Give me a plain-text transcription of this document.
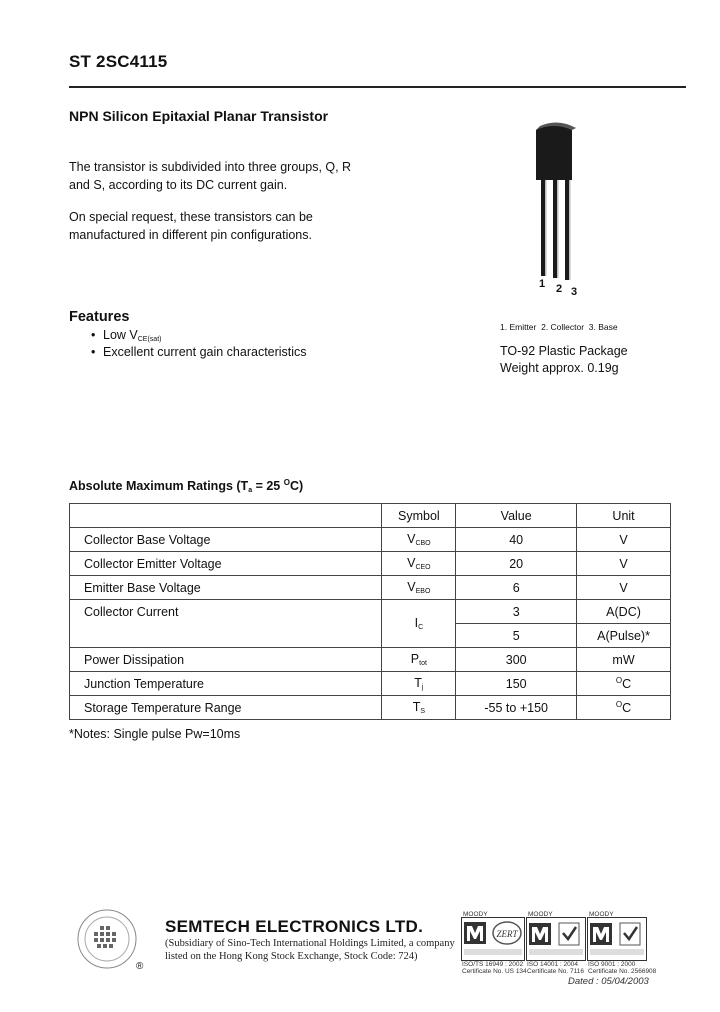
ST 2SC4115
NPN Silicon Epitaxial Planar Transistor
The transistor is subdivided into three groups, Q, R
and S, according to its DC current gain.
On special request, these transistors can be
manufactured in different pin configurations.
Features
• Low $V_{CE(sat)}$
• Excellent current gain characteristics
1 2 3
1. Emitter  2. Collector  3. Base
TO-92 Plastic Package
Weight approx. 0.19g
Absolute Maximum Ratings ($T_a = 25$ $^O$C)
	Symbol	Value	Unit
Collector Base Voltage	$V_{CBO}$	40	V
Collector Emitter Voltage	$V_{CEO}$	20	V
Emitter Base Voltage	$V_{EBO}$	6	V
Collector Current	$I_C$	3	A(DC)
		5	A(Pulse)*
Power Dissipation	$P_{tot}$	300	mW
Junction Temperature	$T_j$	150	$^O$C
Storage Temperature Range	$T_S$	-55 to +150	$^O$C
*Notes: Single pulse Pw=10ms
®
SEMTECH ELECTRONICS LTD.
(Subsidiary of Sino-Tech International Holdings Limited, a company
listed on the Hong Kong Stock Exchange, Stock Code: 724)
ZERT
MOODY	MOODY	MOODY
ISO/TS 16949 : 2002
Certificate No. US 134
ISO 14001 : 2004
Certificate No. 7116
ISO 9001 : 2000
Certificate No. 2566908
Dated : 05/04/2003
